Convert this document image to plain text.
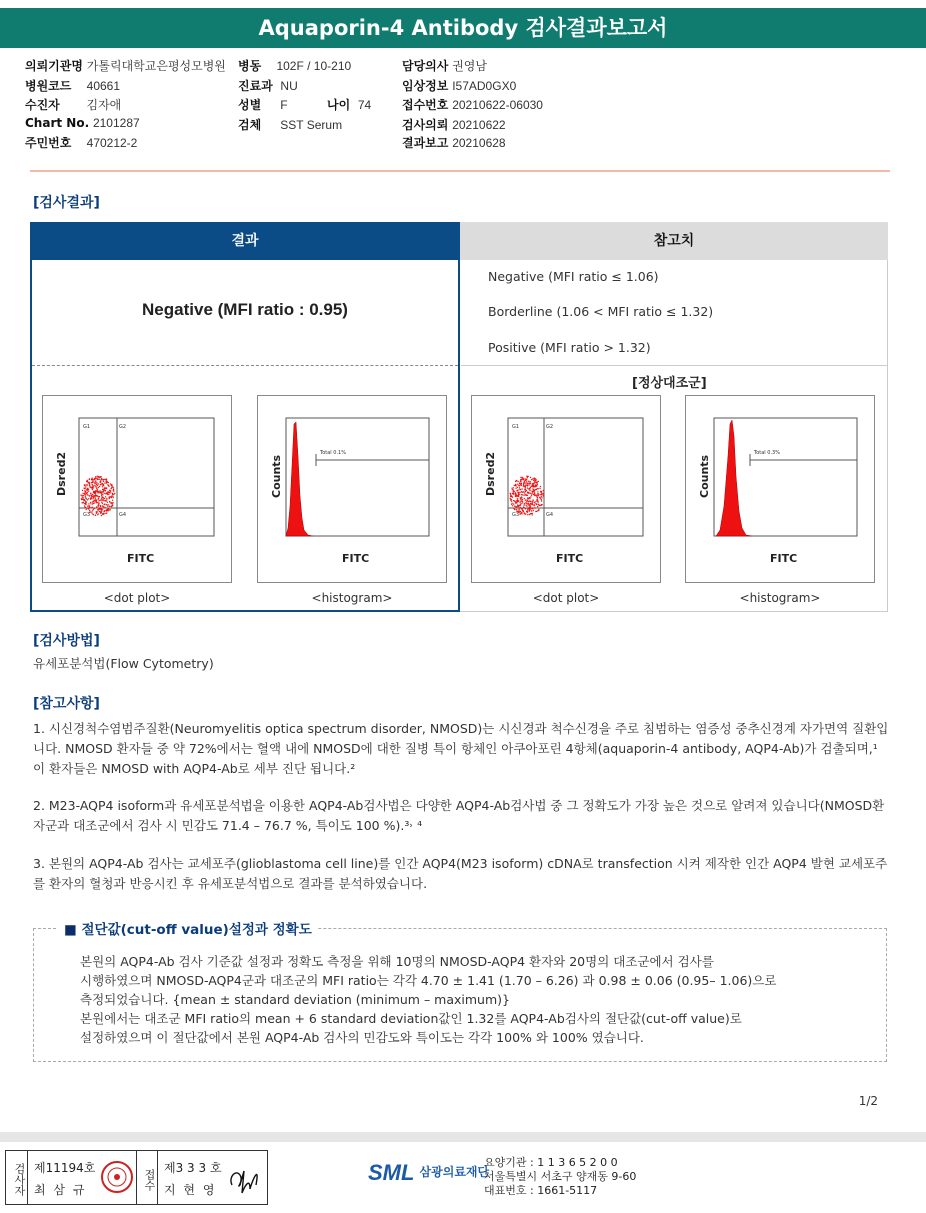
Aquaporin-4 Antibody 검사결과보고서
의뢰기관명 가톨릭대학교은평성모병원
병원코드 40661
수진자 김자애
Chart No. 2101287
주민번호 470212-2
병동 102F / 10-210
진료과 NU
성별 F	나이 74
검체 SST Serum
담당의사 권영남
임상정보 I57AD0GX0
접수번호 20210622-06030
검사의뢰 20210622
결과보고 20210628
[검사결과]
결과	참고치
Negative (MFI ratio : 0.95)
Negative (MFI ratio ≤ 1.06)
Borderline (1.06 < MFI ratio ≤ 1.32)
Positive (MFI ratio > 1.32)
[정상대조군]
G1	G2
G3	G4
Dsred2
FITC
Total 0.1%
Counts
FITC
G1	G2
G3	G4
Dsred2
FITC
Total 0.3%
Counts
FITC
<dot plot>	<histogram>	<dot plot>	<histogram>
[검사방법]
유세포분석법(Flow Cytometry)
[참고사항]
1. 시신경척수염범주질환(Neuromyelitis optica spectrum disorder, NMOSD)는 시신경과 척수신경을 주로 침범하는 염증성 중추신경계 자가면역 질환입니다. NMOSD 환자들 중 약 72%에서는 혈액 내에 NMOSD에 대한 질병 특이 항체인 아쿠아포린 4항체(aquaporin-4 antibody, AQP4-Ab)가 검출되며,¹ 이 환자들은 NMOSD with AQP4-Ab로 세부 진단 됩니다.²
2. M23-AQP4 isoform과 유세포분석법을 이용한 AQP4-Ab검사법은 다양한 AQP4-Ab검사법 중 그 정확도가 가장 높은 것으로 알려져 있습니다(NMOSD환자군과 대조군에서 검사 시 민감도 71.4 – 76.7 %, 특이도 100 %).³˒ ⁴
3. 본원의 AQP4-Ab 검사는 교세포주(glioblastoma cell line)를 인간 AQP4(M23 isoform) cDNA로 transfection 시켜 제작한 인간 AQP4 발현 교세포주를 환자의 혈청과 반응시킨 후 유세포분석법으로 결과를 분석하였습니다.
■ 절단값(cut-off value)설정과 정확도
본원의 AQP4-Ab 검사 기준값 설정과 정확도 측정을 위해 10명의 NMOSD-AQP4 환자와 20명의 대조군에서 검사를
시행하였으며 NMOSD-AQP4군과 대조군의 MFI ratio는 각각 4.70 ± 1.41 (1.70 – 6.26) 과 0.98 ± 0.06 (0.95– 1.06)으로
측정되었습니다. {mean ± standard deviation (minimum – maximum)}
본원에서는 대조군 MFI ratio의 mean + 6 standard deviation값인 1.32를 AQP4-Ab검사의 절단값(cut-off value)로
설정하였으며 이 절단값에서 본원 AQP4-Ab 검사의 민감도와 특이도는 각각 100% 와 100% 였습니다.
1/2
검사자 제11194호
최 삼 규	접수
제3 3 3 호
지 현 영
SML $^{삼광의료재단}$
요양기관 : 1 1 3 6 5 2 0 0
서울특별시 서초구 양재동 9-60
대표번호 : 1661-5117
